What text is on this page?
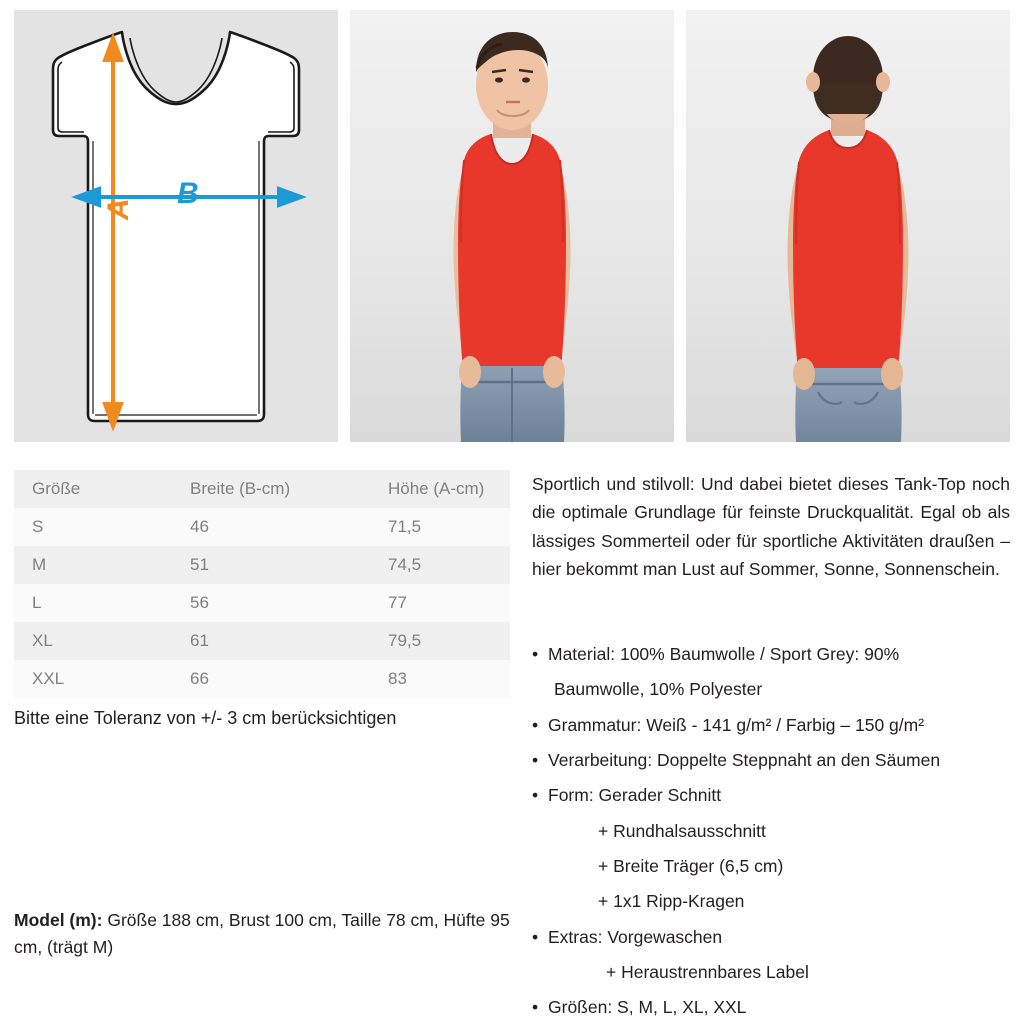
B
A
Größe	Breite (B-cm)	Höhe (A-cm)
S	46	71,5
M	51	74,5
L	56	77
XL	61	79,5
XXL	66	83
Bitte eine Toleranz von +/- 3 cm berücksichtigen
Model (m): Größe 188 cm, Brust 100 cm, Taille 78 cm, Hüfte 95 cm, (trägt M)
Sportlich und stilvoll: Und dabei bietet dieses Tank-Top noch die optimale Grundlage für feinste Druckqualität. Egal ob als lässiges Sommerteil oder für sportliche Aktivitäten draußen – hier bekommt man Lust auf Sommer, Sonne, Sonnenschein.
• Material: 100% Baumwolle / Sport Grey: 90%
Baumwolle, 10% Polyester
• Grammatur: Weiß - 141 g/m² / Farbig – 150 g/m²
• Verarbeitung: Doppelte Steppnaht an den Säumen
• Form: Gerader Schnitt
+ Rundhalsausschnitt
+ Breite Träger (6,5 cm)
+ 1x1 Ripp-Kragen
• Extras: Vorgewaschen
+ Heraustrennbares Label
• Größen: S, M, L, XL, XXL
